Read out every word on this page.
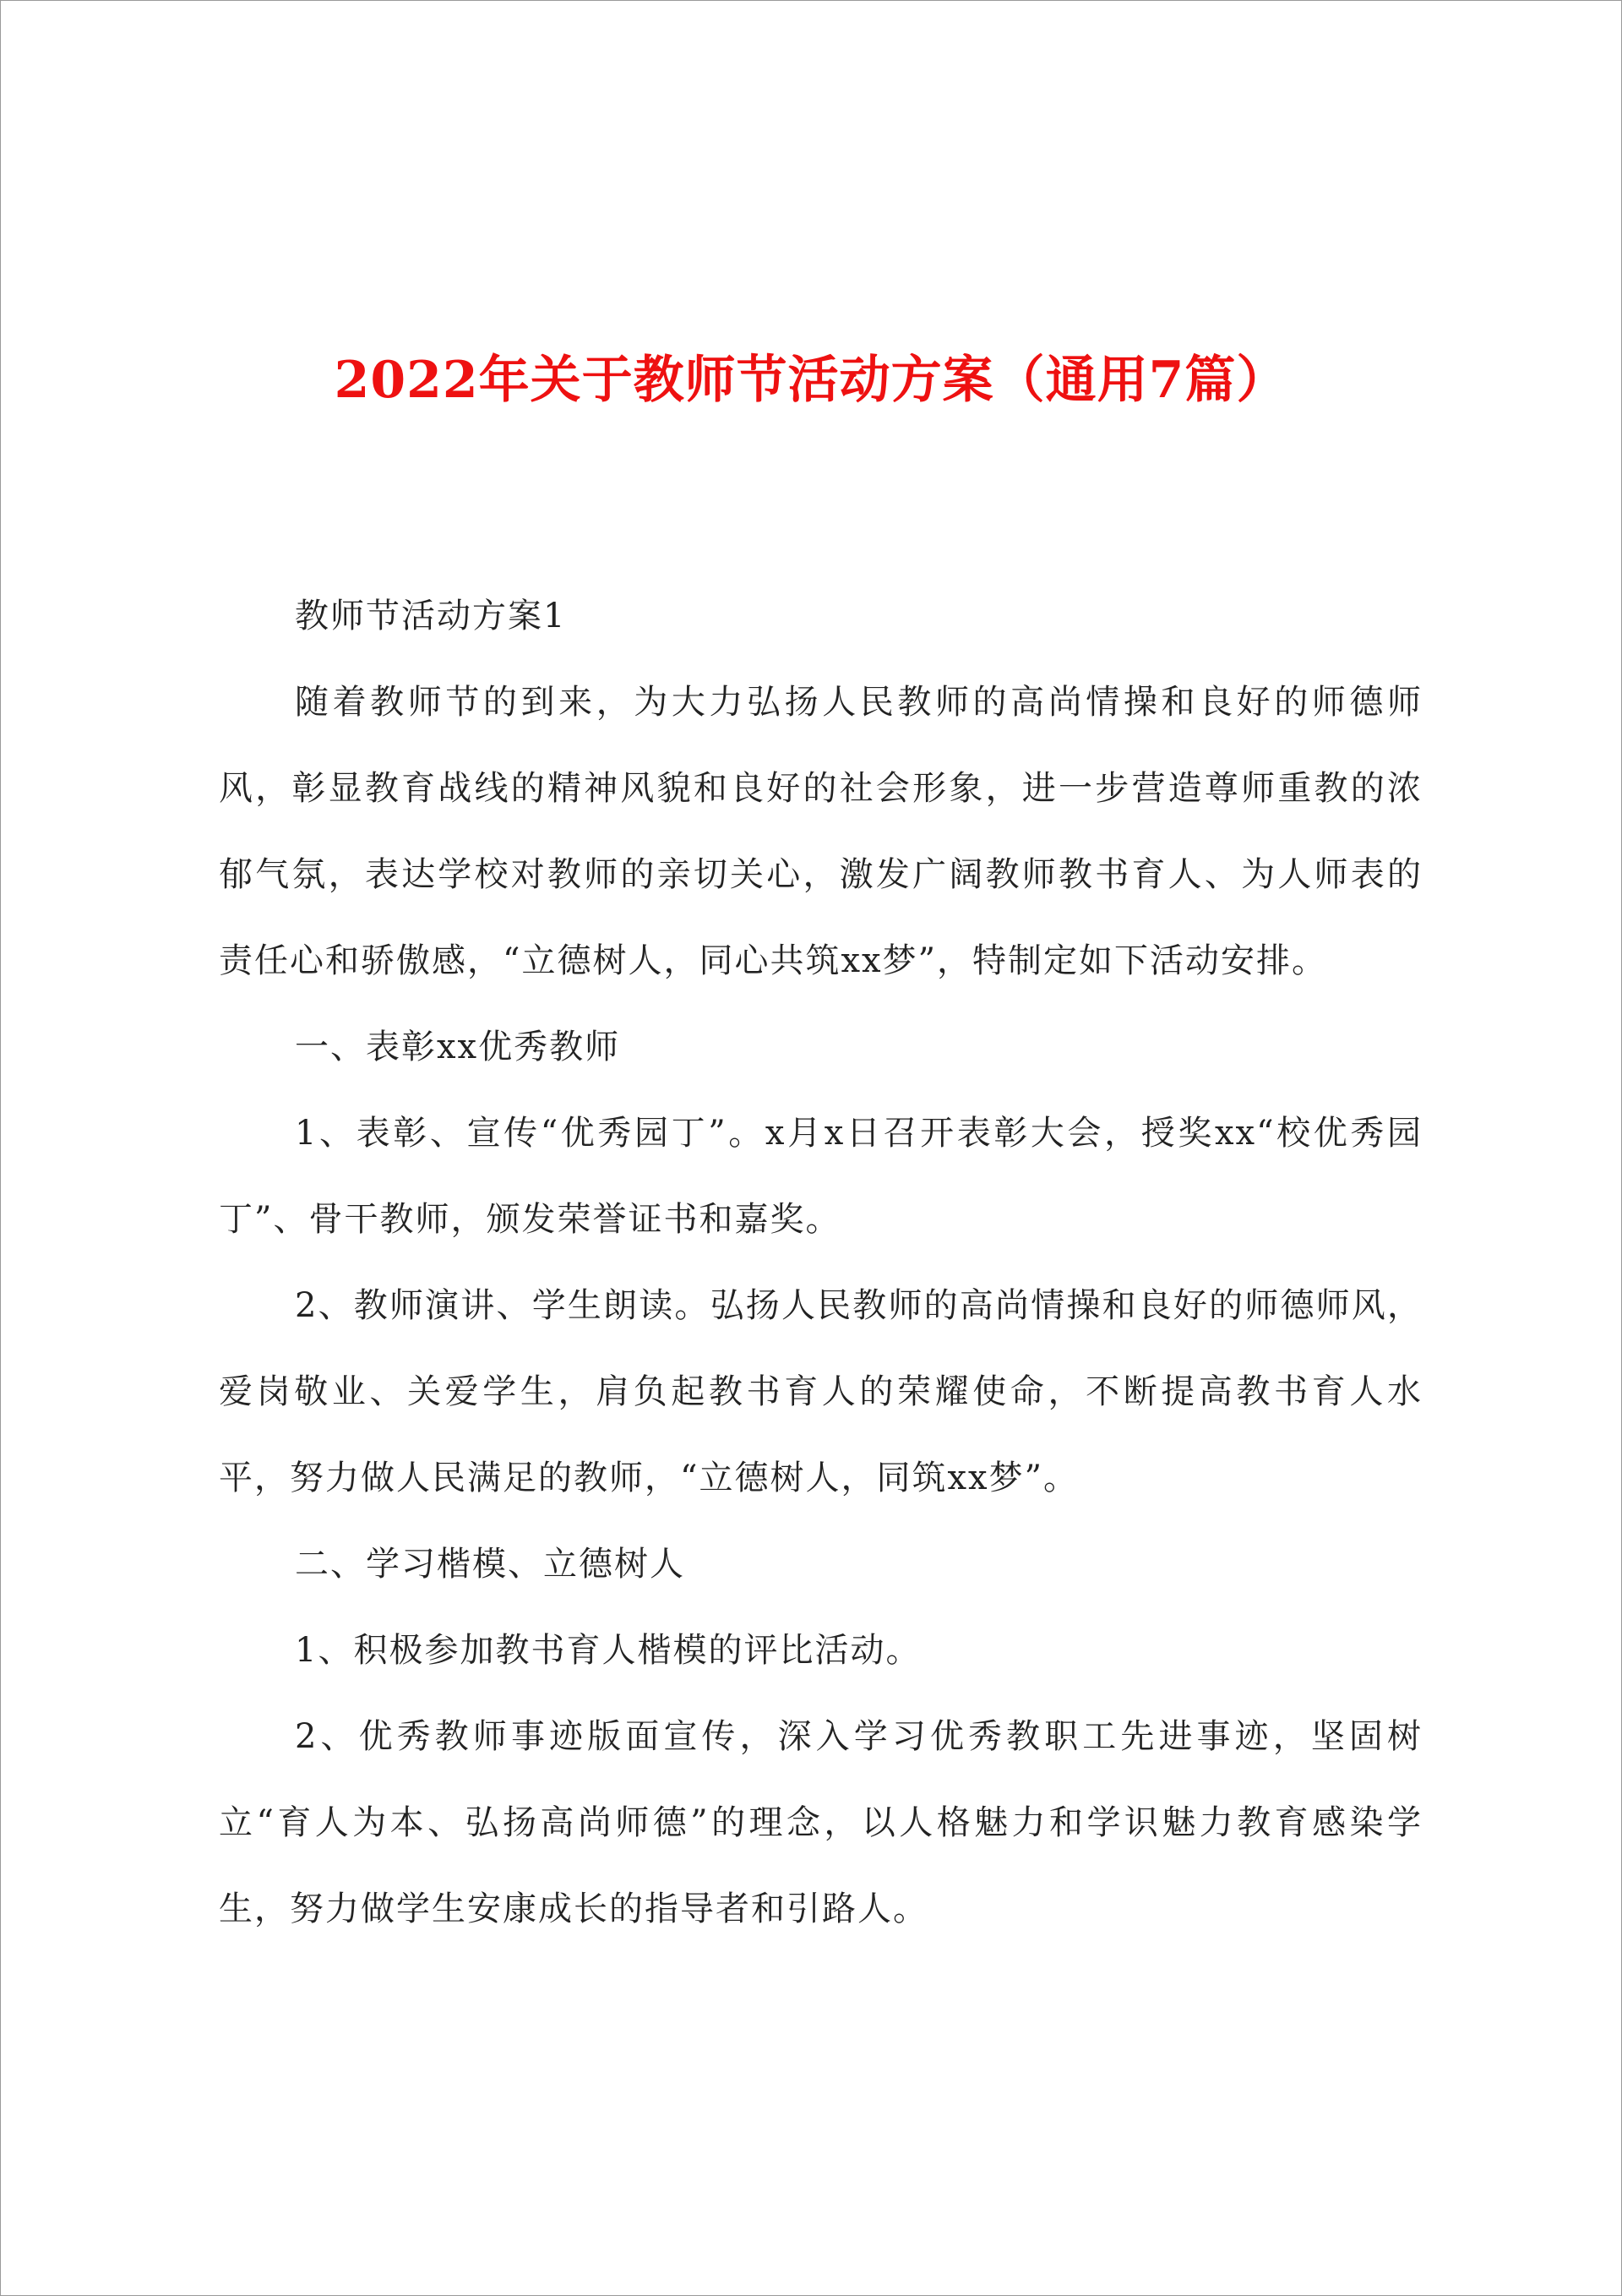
2022年关于教师节活动方案（通用7篇）

教师节活动方案1

随着教师节的到来，为大力弘扬人民教师的高尚情操和良好的师德师风，彰显教育战线的精神风貌和良好的社会形象，进一步营造尊师重教的浓郁气氛，表达学校对教师的亲切关心，激发广阔教师教书育人、为人师表的责任心和骄傲感，“立德树人，同心共筑xx梦”，特制定如下活动安排。

一、表彰xx优秀教师

1、表彰、宣传“优秀园丁”。x月x日召开表彰大会，授奖xx“校优秀园丁”、骨干教师，颁发荣誉证书和嘉奖。

2、教师演讲、学生朗读。弘扬人民教师的高尚情操和良好的师德师风，爱岗敬业、关爱学生，肩负起教书育人的荣耀使命，不断提高教书育人水平，努力做人民满足的教师，“立德树人，同筑xx梦”。

二、学习楷模、立德树人

1、积极参加教书育人楷模的评比活动。

2、优秀教师事迹版面宣传，深入学习优秀教职工先进事迹，坚固树立“育人为本、弘扬高尚师德”的理念，以人格魅力和学识魅力教育感染学生，努力做学生安康成长的指导者和引路人。
